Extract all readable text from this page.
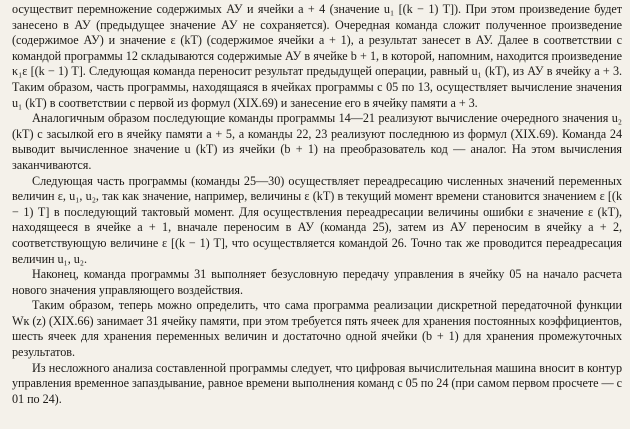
осуществит перемножение содержимых АУ и ячейки a + 4 (значение u₁ [(k − 1) T]). При этом произведение будет занесено в АУ (предыдущее значение АУ не сохраняется). Очередная команда сложит полученное произведение (содержимое АУ) и значение ε (kT) (содержимое ячейки a + 1), а результат занесет в АУ. Далее в соответствии с командой программы 12 складываются содержимые АУ в ячейке b + 1, в которой, напомним, находится произведение κ₁ε [(k − 1) T]. Следующая команда переносит результат предыдущей операции, равный u₁ (kT), из АУ в ячейку a + 3. Таким образом, часть программы, находящаяся в ячейках программы с 05 по 13, осуществляет вычисление значения u₁ (kT) в соответствии с первой из формул (XIX.69) и занесение его в ячейку памяти a + 3.

Аналогичным образом последующие команды программы 14—21 реализуют вычисление очередного значения u₂ (kT) с засылкой его в ячейку памяти a + 5, а команды 22, 23 реализуют последнюю из формул (XIX.69). Команда 24 выводит вычисленное значение u (kT) из ячейки (b + 1) на преобразователь код — аналог. На этом вычисления заканчиваются.

Следующая часть программы (команды 25—30) осуществляет переадресацию численных значений переменных величин ε, u₁, u₂, так как значение, например, величины ε (kT) в текущий момент времени становится значением ε [(k − 1) T] в последующий тактовый момент. Для осуществления переадресации величины ошибки ε значение ε (kT), находящееся в ячейке a + 1, вначале переносим в АУ (команда 25), затем из АУ переносим в ячейку a + 2, соответствующую величине ε [(k − 1) T], что осуществляется командой 26. Точно так же проводится переадресация величин u₁, u₂.

Наконец, команда программы 31 выполняет безусловную передачу управления в ячейку 05 на начало расчета нового значения управляющего воздействия.

Таким образом, теперь можно определить, что сама программа реализации дискретной передаточной функции Wк (z) (XIX.66) занимает 31 ячейку памяти, при этом требуется пять ячеек для хранения постоянных коэффициентов, шесть ячеек для хранения переменных величин и достаточно одной ячейки (b + 1) для хранения промежуточных результатов.

Из несложного анализа составленной программы следует, что цифровая вычислительная машина вносит в контур управления временное запаздывание, равное времени выполнения команд с 05 по 24 (при самом первом просчете — с 01 по 24).
